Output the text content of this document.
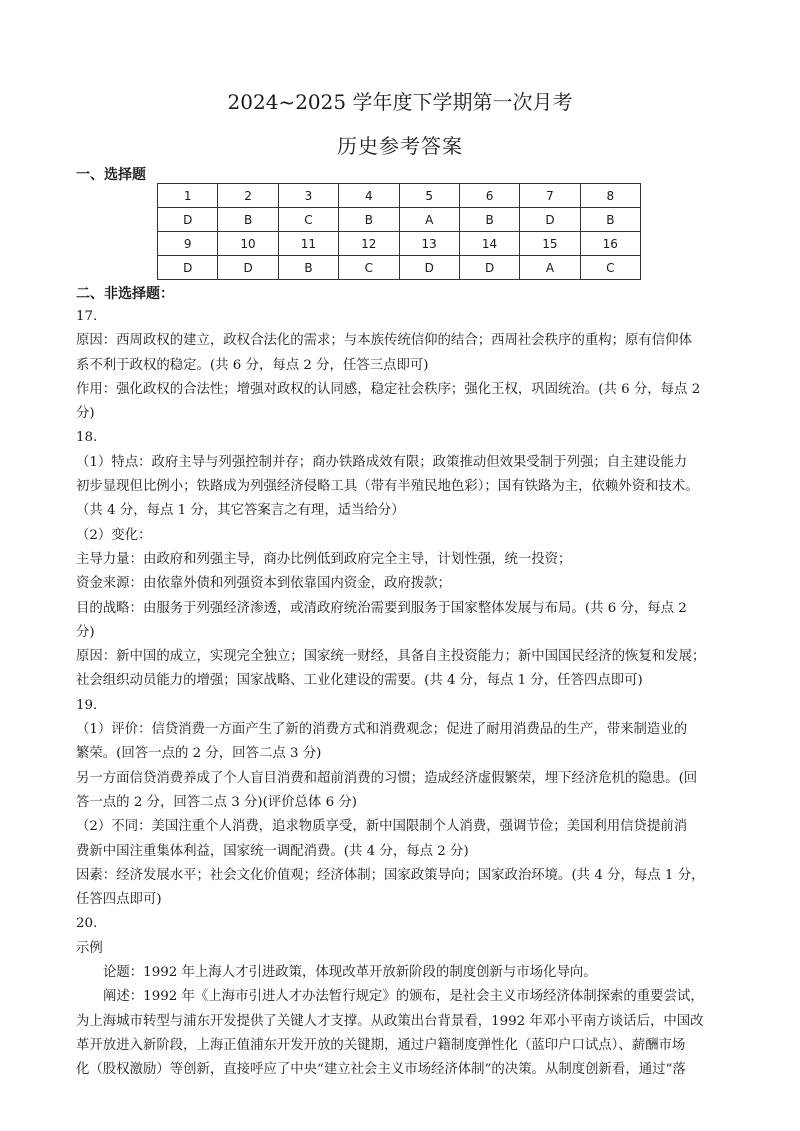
2024~2025 学年度下学期第一次月考
历史参考答案
一、选择题
1	2	3	4	5	6	7	8
D	B	C	B	A	B	D	B
9	10	11	12	13	14	15	16
D	D	B	C	D	D	A	C
二、非选择题：
17.
原因：西周政权的建立，政权合法化的需求；与本族传统信仰的结合；西周社会秩序的重构；原有信仰体
系不利于政权的稳定。(共 6 分，每点 2 分，任答三点即可)
作用：强化政权的合法性；增强对政权的认同感，稳定社会秩序；强化王权，巩固统治。(共 6 分，每点 2
分)
18.
（1）特点：政府主导与列强控制并存；商办铁路成效有限；政策推动但效果受制于列强；自主建设能力
初步显现但比例小；铁路成为列强经济侵略工具（带有半殖民地色彩）；国有铁路为主，依赖外资和技术。
（共 4 分，每点 1 分，其它答案言之有理，适当给分）
（2）变化：
主导力量：由政府和列强主导，商办比例低到政府完全主导，计划性强，统一投资；
资金来源：由依靠外债和列强资本到依靠国内资金，政府拨款；
目的战略：由服务于列强经济渗透，或清政府统治需要到服务于国家整体发展与布局。(共 6 分，每点 2
分)
原因：新中国的成立，实现完全独立；国家统一财经，具备自主投资能力；新中国国民经济的恢复和发展；
社会组织动员能力的增强；国家战略、工业化建设的需要。(共 4 分，每点 1 分，任答四点即可)
19.
（1）评价：信贷消费一方面产生了新的消费方式和消费观念；促进了耐用消费品的生产，带来制造业的
繁荣。(回答一点的 2 分，回答二点 3 分)
另一方面信贷消费养成了个人盲目消费和超前消费的习惯；造成经济虚假繁荣，埋下经济危机的隐患。(回
答一点的 2 分，回答二点 3 分)(评价总体 6 分)
（2）不同：美国注重个人消费，追求物质享受，新中国限制个人消费，强调节俭；美国利用信贷提前消
费新中国注重集体利益，国家统一调配消费。(共 4 分，每点 2 分)
因素：经济发展水平；社会文化价值观；经济体制；国家政策导向；国家政治环境。(共 4 分，每点 1 分，
任答四点即可)
20.
示例
论题：1992 年上海人才引进政策，体现改革开放新阶段的制度创新与市场化导向。
阐述：1992 年《上海市引进人才办法暂行规定》的颁布，是社会主义市场经济体制探索的重要尝试，
为上海城市转型与浦东开发提供了关键人才支撑。从政策出台背景看，1992 年邓小平南方谈话后，中国改
革开放进入新阶段，上海正值浦东开发开放的关键期，通过户籍制度弹性化（蓝印户口试点）、薪酬市场
化（股权激励）等创新，直接呼应了中央“建立社会主义市场经济体制”的决策。从制度创新看，通过“落
